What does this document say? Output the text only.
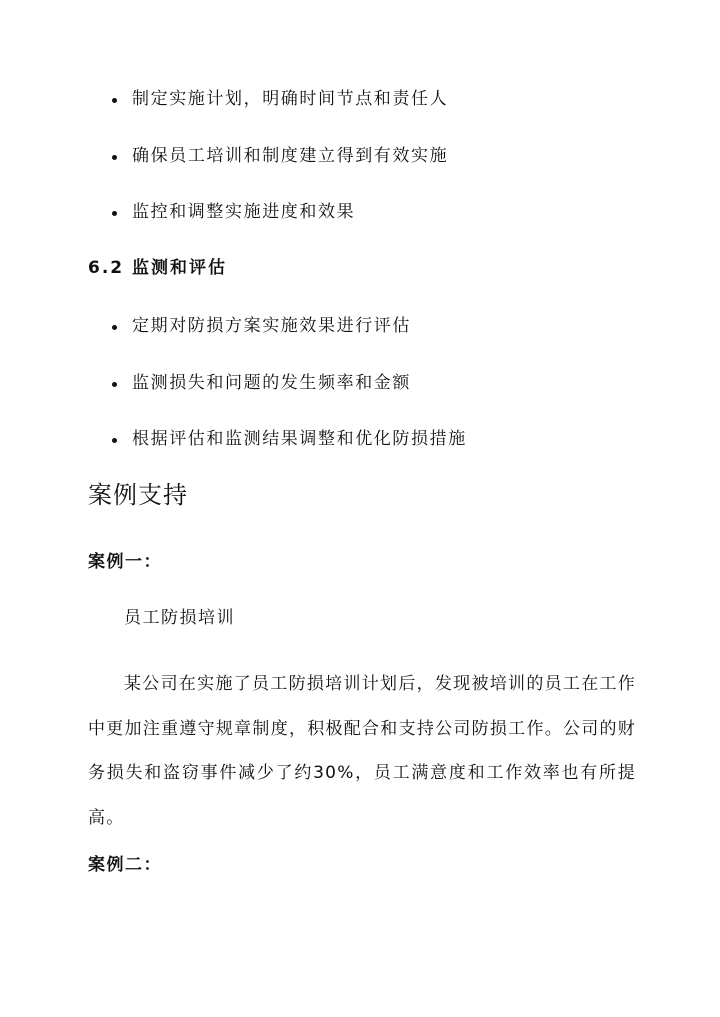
制定实施计划，明确时间节点和责任人
确保员工培训和制度建立得到有效实施
监控和调整实施进度和效果
6.2 监测和评估
定期对防损方案实施效果进行评估
监测损失和问题的发生频率和金额
根据评估和监测结果调整和优化防损措施
案例支持
案例一：

员工防损培训

某公司在实施了员工防损培训计划后，发现被培训的员工在工作中更加注重遵守规章制度，积极配合和支持公司防损工作。公司的财务损失和盗窃事件减少了约30%，员工满意度和工作效率也有所提高。

案例二：
